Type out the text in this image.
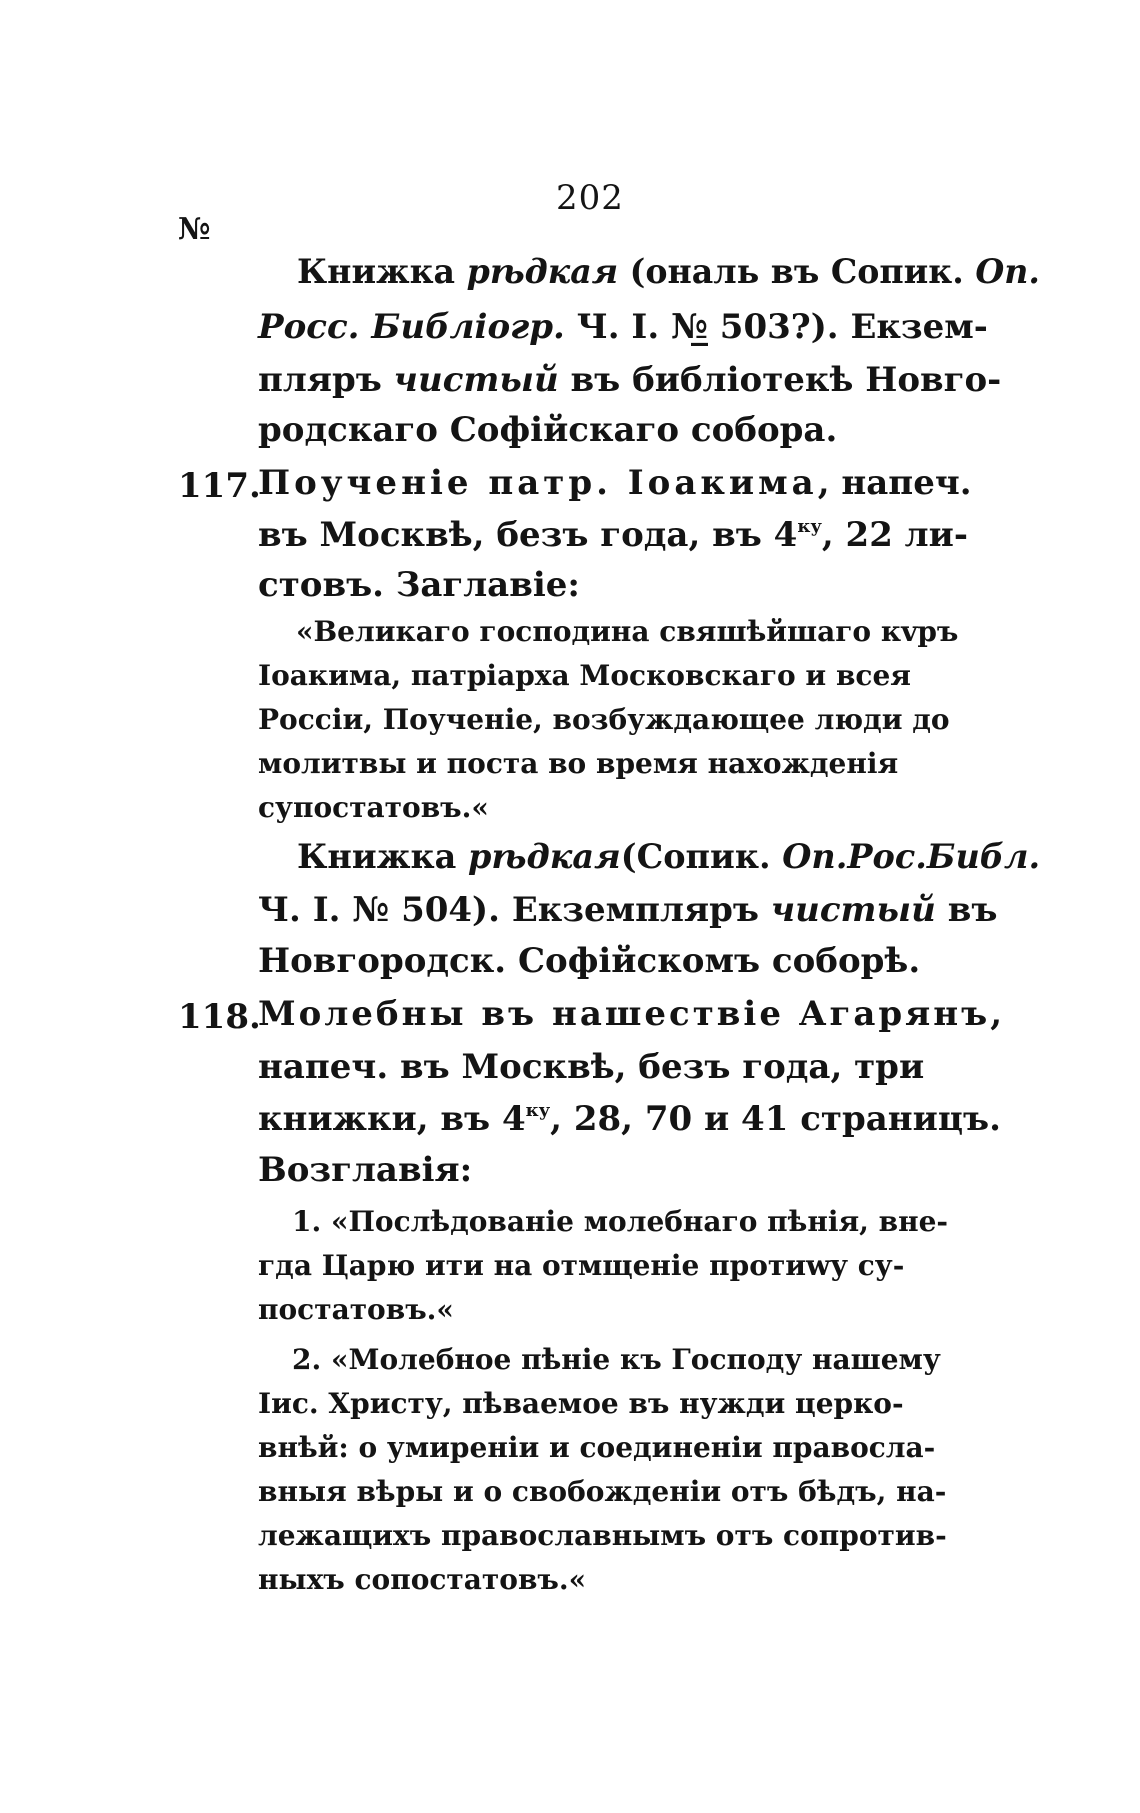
202
№
Книжка рѣдкая (ональ въ Сопик. Оп.
Росс. Библіогр. Ч. I. №̲ 503?). Екзем-
пляръ чистый въ библіотекѣ Новго-
родскаго Софійскаго собора.
117.
Поученіе патр. Іоакима, напеч.
въ Москвѣ, безъ года, въ $4^{ку}$, 22 ли-
стовъ. Заглавіе:
«Великаго господина свяшѣйшаго кvръ
Іоакима, патріарха Московскаго и всея
Россіи, Поученіе, возбуждающее люди до
молитвы и поста во время нахожденія
супостатовъ.«
Книжка рѣдкая(Сопик. Оп.Рос.Библ.
Ч. I. № 504). Екземпляръ чистый въ
Новгородск. Софійскомъ соборѣ.
118.
Молебны въ нашествіе Агарянъ,
напеч. въ Москвѣ, безъ года, три
книжки, въ $4^{ку}$, 28, 70 и 41 страницъ.
Возглавія:
1. «Послѣдованіе молебнаго пѣнія, вне-
гда Царю ити на отмщеніе протиwу су-
постатовъ.«
2. «Молебное пѣніе къ Господу нашему
Іис. Христу, пѣваемое въ нужди церко-
внѣй: о умиреніи и соединеніи правосла-
вныя вѣры и о свобожденіи отъ бѣдъ, на-
лежащихъ православнымъ отъ сопротив-
ныхъ сопостатовъ.«
